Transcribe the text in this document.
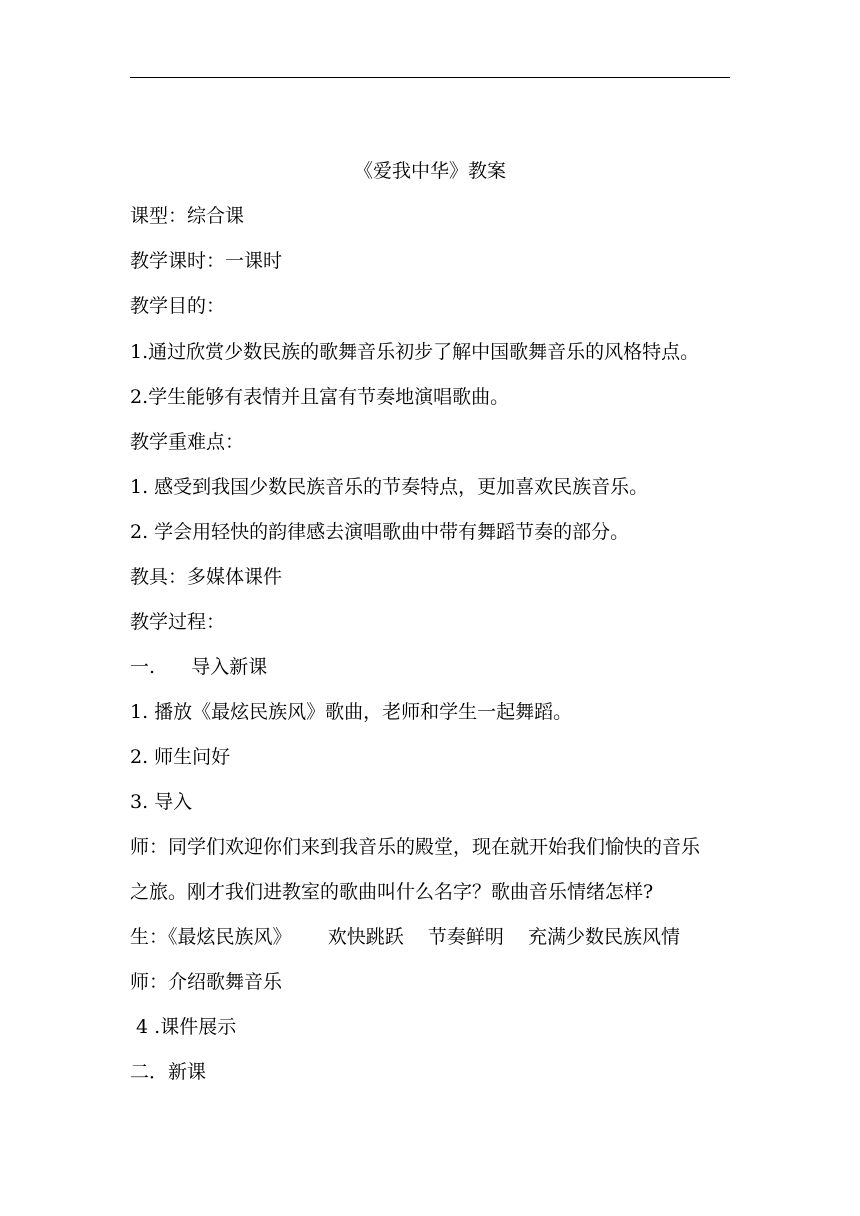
《爱我中华》教案
课型：综合课
教学课时：一课时
教学目的：
1.通过欣赏少数民族的歌舞音乐初步了解中国歌舞音乐的风格特点。
2.学生能够有表情并且富有节奏地演唱歌曲。
教学重难点：
1. 感受到我国少数民族音乐的节奏特点，更加喜欢民族音乐。
2. 学会用轻快的韵律感去演唱歌曲中带有舞蹈节奏的部分。
教具：多媒体课件
教学过程：
一.      导入新课
1. 播放《最炫民族风》歌曲，老师和学生一起舞蹈。
2. 师生问好
3. 导入
师：同学们欢迎你们来到我音乐的殿堂，现在就开始我们愉快的音乐
之旅。刚才我们进教室的歌曲叫什么名字？歌曲音乐情绪怎样?
生：《最炫民族风》      欢快跳跃    节奏鲜明    充满少数民族风情
师：介绍歌舞音乐
4 .课件展示
二．新课
